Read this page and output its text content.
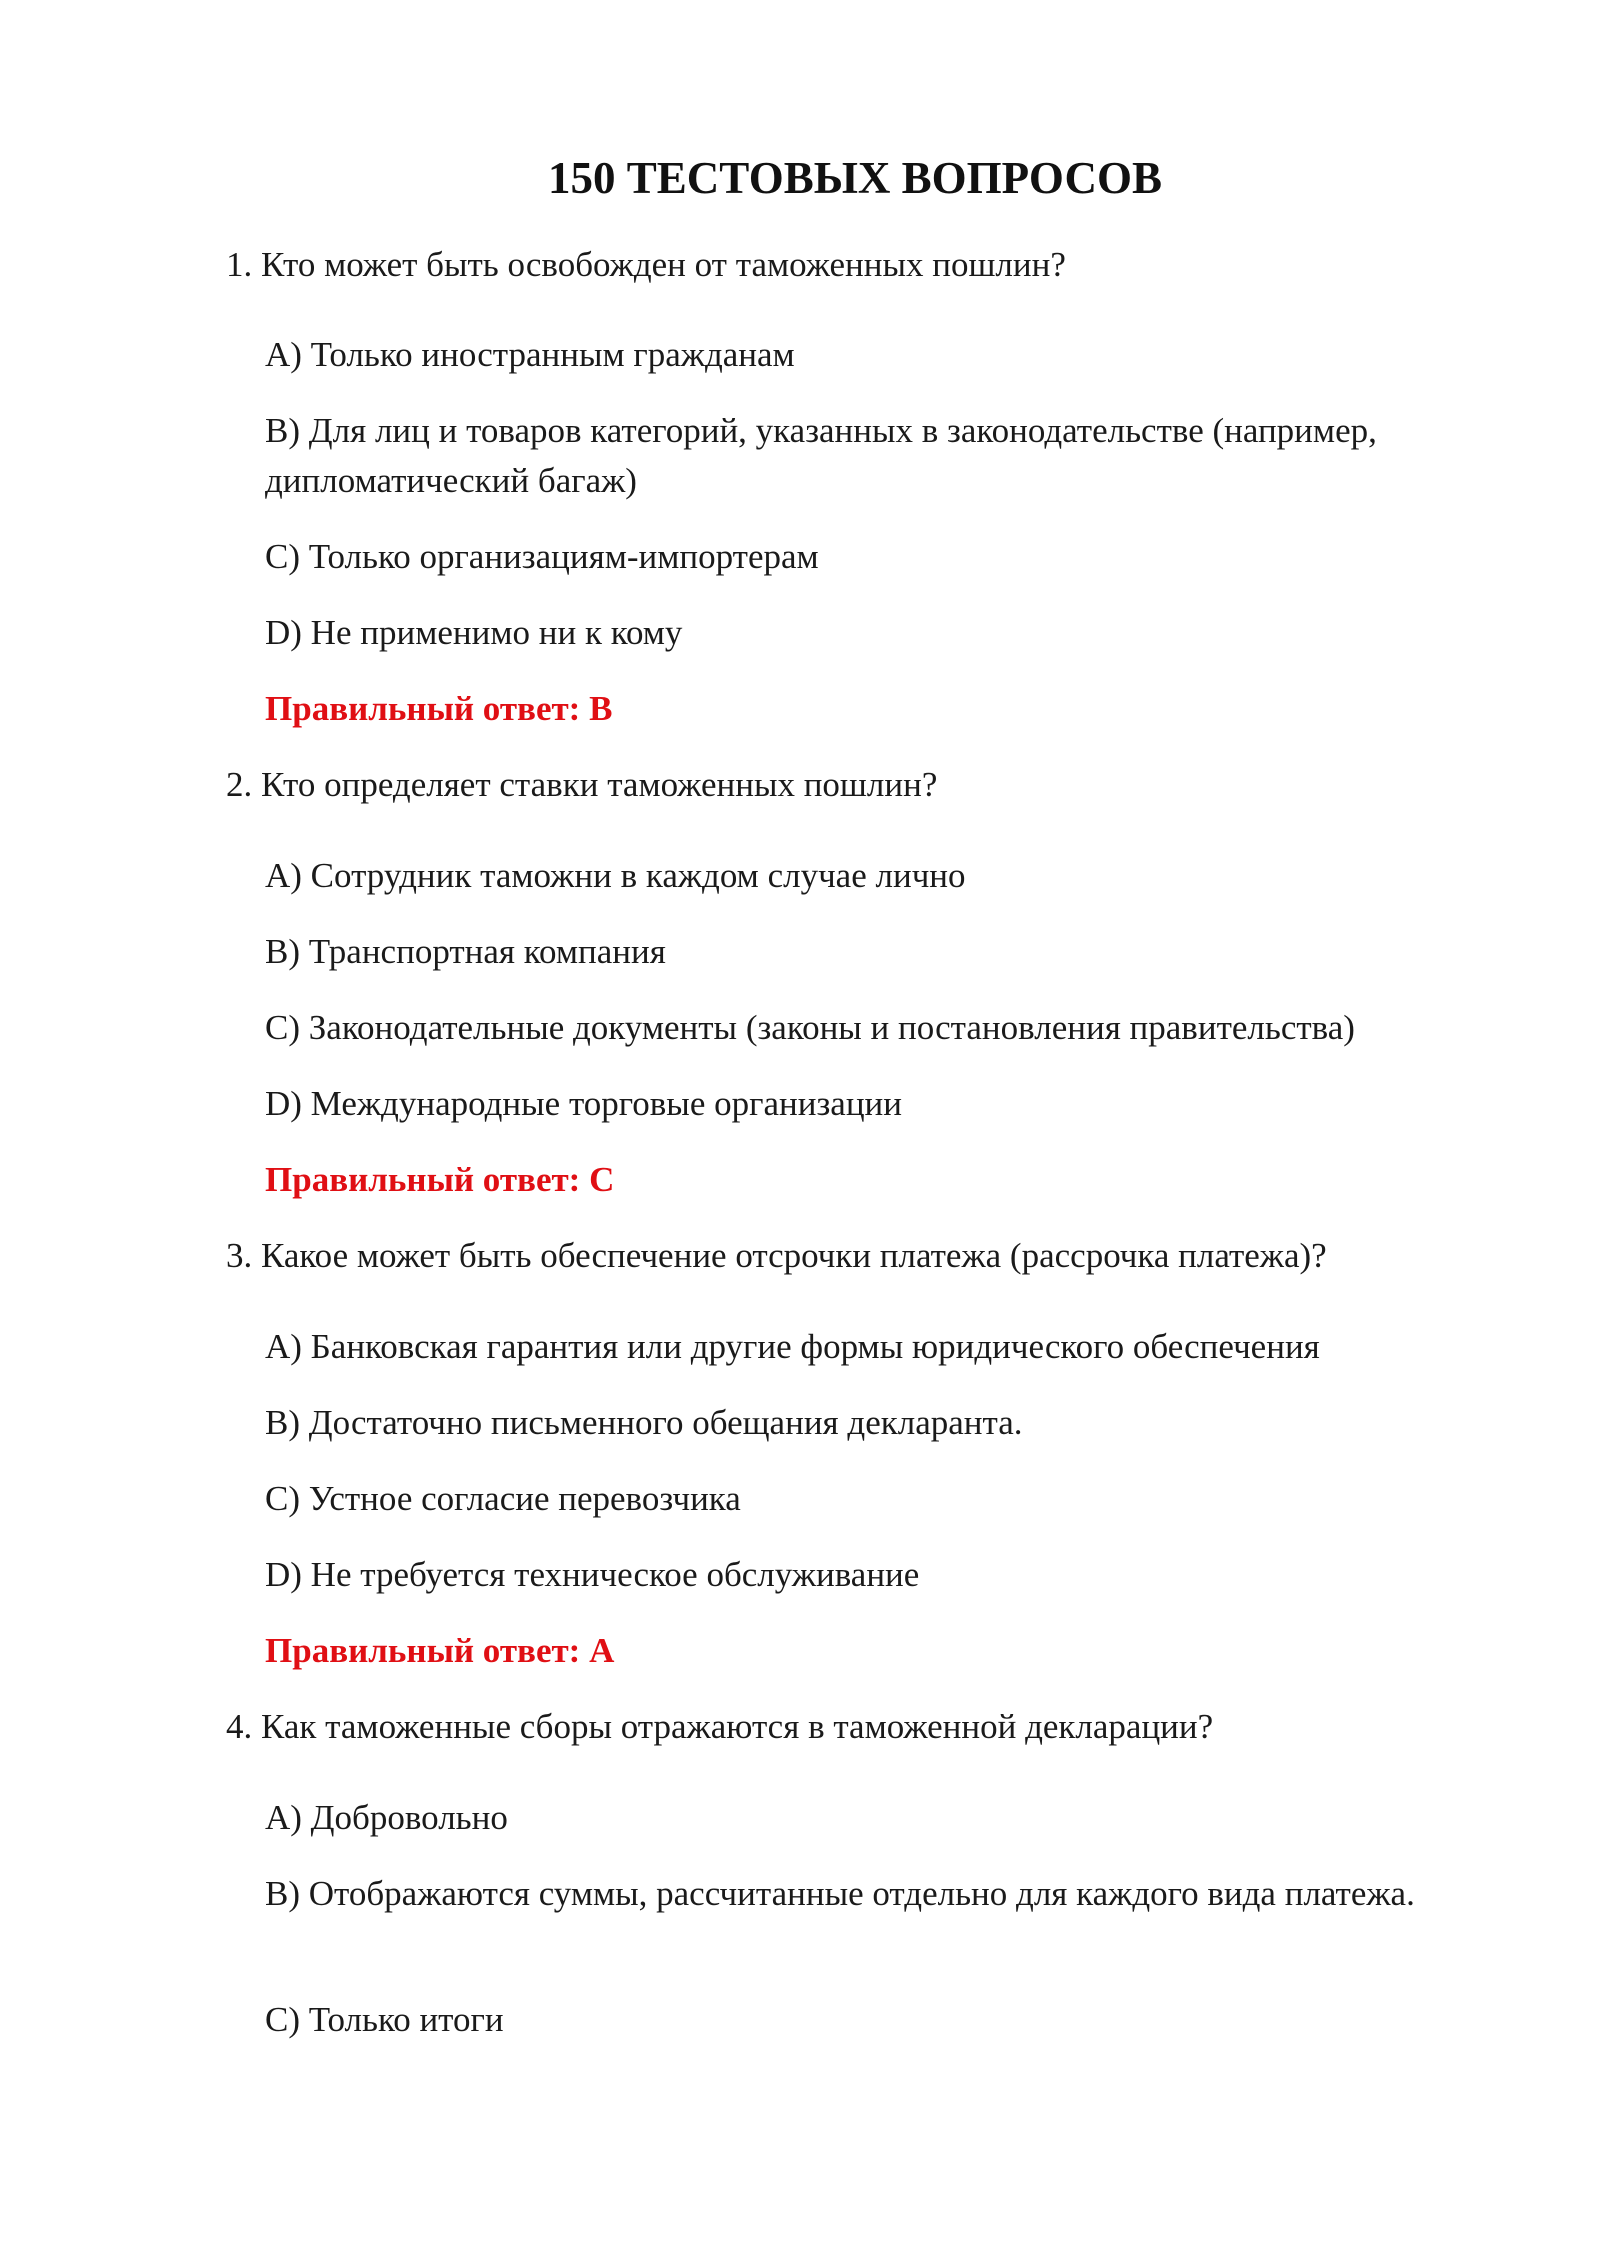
150 ТЕСТОВЫХ ВОПРОСОВ
1. Кто может быть освобожден от таможенных пошлин?
A) Только иностранным гражданам
B) Для лиц и товаров категорий, указанных в законодательстве (например, дипломатический багаж)
C) Только организациям-импортерам
D) Не применимо ни к кому
Правильный ответ: B
2. Кто определяет ставки таможенных пошлин?
A) Сотрудник таможни в каждом случае лично
B) Транспортная компания
C) Законодательные документы (законы и постановления правительства)
D) Международные торговые организации
Правильный ответ: C
3. Какое может быть обеспечение отсрочки платежа (рассрочка платежа)?
A) Банковская гарантия или другие формы юридического обеспечения
B) Достаточно письменного обещания декларанта.
C) Устное согласие перевозчика
D) Не требуется техническое обслуживание
Правильный ответ: A
4. Как таможенные сборы отражаются в таможенной декларации?
A) Добровольно
B) Отображаются суммы, рассчитанные отдельно для каждого вида платежа.
C) Только итоги
